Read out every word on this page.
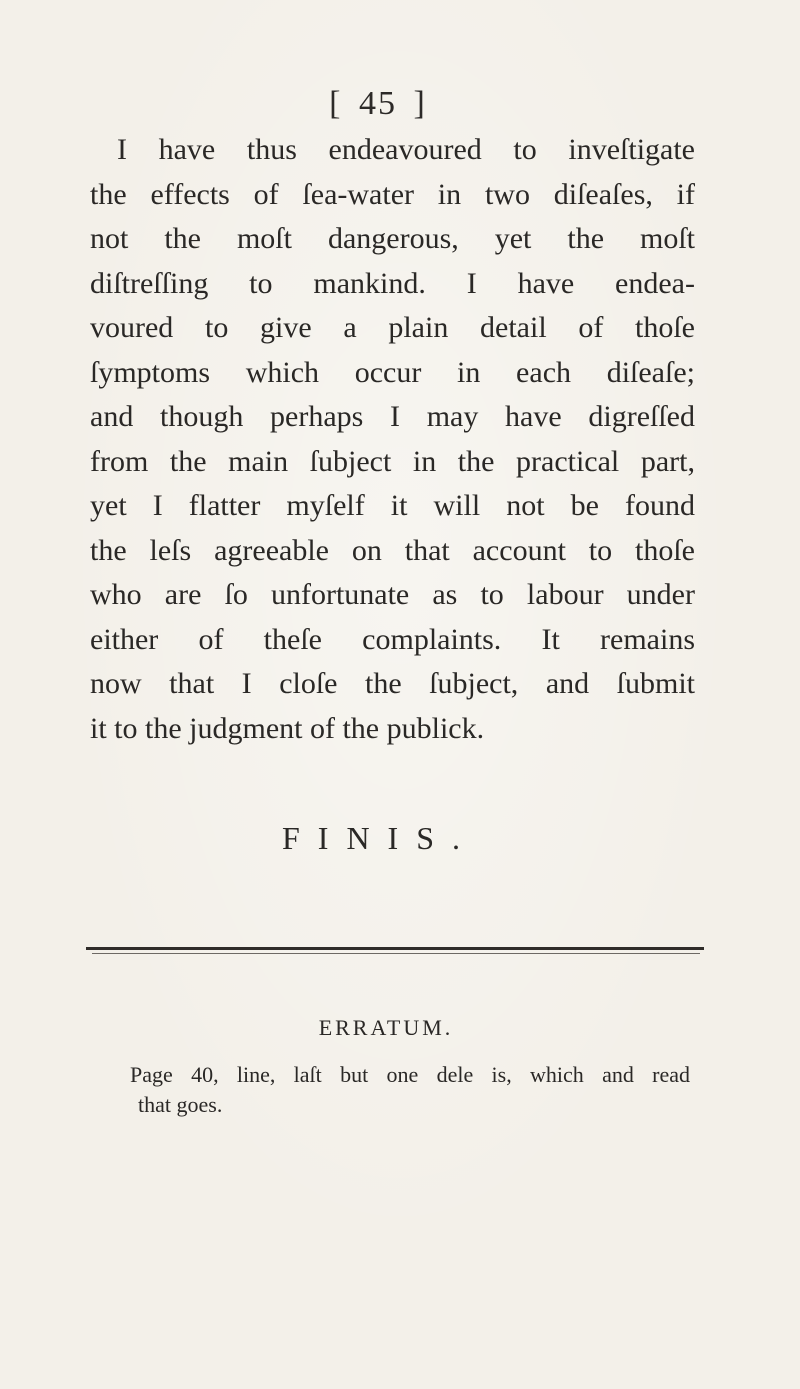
[ 45 ]
I have thus endeavoured to inveſtigate
the effects of ſea-water in two diſeaſes, if
not the moſt dangerous, yet the moſt
diſtreſſing to mankind. I have endea-
voured to give a plain detail of thoſe
ſymptoms which occur in each diſeaſe;
and though perhaps I may have digreſſed
from the main ſubject in the practical part,
yet I flatter myſelf it will not be found
the leſs agreeable on that account to thoſe
who are ſo unfortunate as to labour under
either of theſe complaints. It remains
now that I cloſe the ſubject, and ſubmit
it to the judgment of the publick.
FINIS.
ERRATUM.
Page 40, line, laſt but one dele is, which and read
that goes.
